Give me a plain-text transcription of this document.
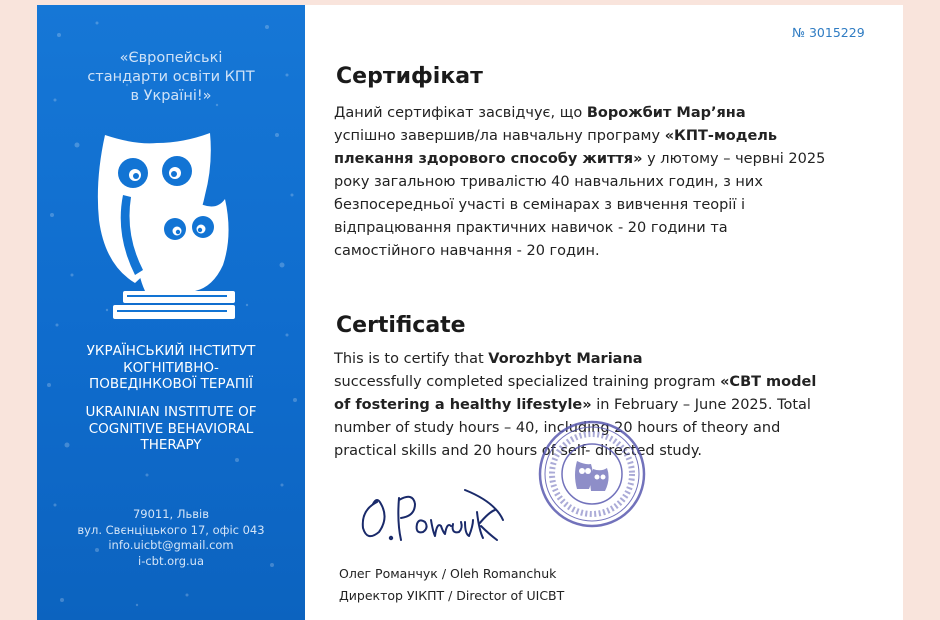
«Європейські
стандарти освіти КПТ
в Україні!»
УКРАЇНСЬКИЙ ІНСТИТУТ
КОГНІТИВНО-
ПОВЕДІНКОВОЇ ТЕРАПІЇ
UKRAINIAN INSTITUTE OF
COGNITIVE BEHAVIORAL
THERAPY
79011, Львів
вул. Свєнціцького 17, офіс 043
info.uicbt@gmail.com
i-cbt.org.ua
№ 3015229
Сертифікат
Даний сертифікат засвідчує, що Ворожбит Мар’яна
успішно завершив/ла навчальну програму «КПТ-модель
плекання здорового способу життя» у лютому – червні 2025
року загальною тривалістю 40 навчальних годин, з них
безпосередньої участі в семінарах з вивчення теорії і
відпрацювання практичних навичок - 20 години та
самостійного навчання - 20 годин.
Certificate
This is to certify that Vorozhbyt Mariana
successfully completed specialized training program «CBT model
of fostering a healthy lifestyle» in February – June 2025. Total
number of study hours – 40, including 20 hours of theory and
practical skills and 20 hours of self- directed study.
Олег Романчук / Oleh Romanchuk
Директор УІКПТ / Director of UICBT
